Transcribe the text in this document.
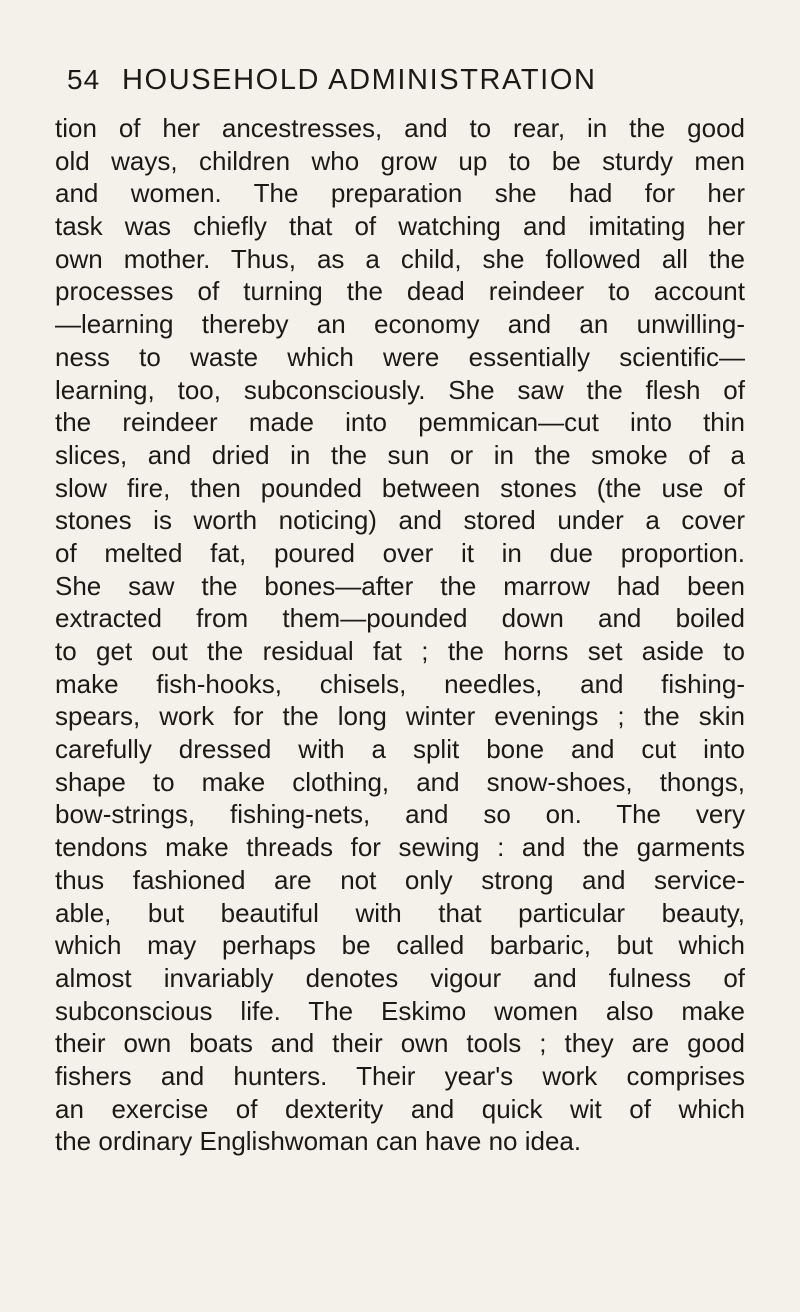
54 HOUSEHOLD ADMINISTRATION
tion of her ancestresses, and to rear, in the good
old ways, children who grow up to be sturdy men
and women. The preparation she had for her
task was chiefly that of watching and imitating her
own mother. Thus, as a child, she followed all the
processes of turning the dead reindeer to account
—learning thereby an economy and an unwilling-
ness to waste which were essentially scientific—
learning, too, subconsciously. She saw the flesh of
the reindeer made into pemmican—cut into thin
slices, and dried in the sun or in the smoke of a
slow fire, then pounded between stones (the use of
stones is worth noticing) and stored under a cover
of melted fat, poured over it in due proportion.
She saw the bones—after the marrow had been
extracted from them—pounded down and boiled
to get out the residual fat ; the horns set aside to
make fish-hooks, chisels, needles, and fishing-
spears, work for the long winter evenings ; the skin
carefully dressed with a split bone and cut into
shape to make clothing, and snow-shoes, thongs,
bow-strings, fishing-nets, and so on. The very
tendons make threads for sewing : and the garments
thus fashioned are not only strong and service-
able, but beautiful with that particular beauty,
which may perhaps be called barbaric, but which
almost invariably denotes vigour and fulness of
subconscious life. The Eskimo women also make
their own boats and their own tools ; they are good
fishers and hunters. Their year's work comprises
an exercise of dexterity and quick wit of which
the ordinary Englishwoman can have no idea.
